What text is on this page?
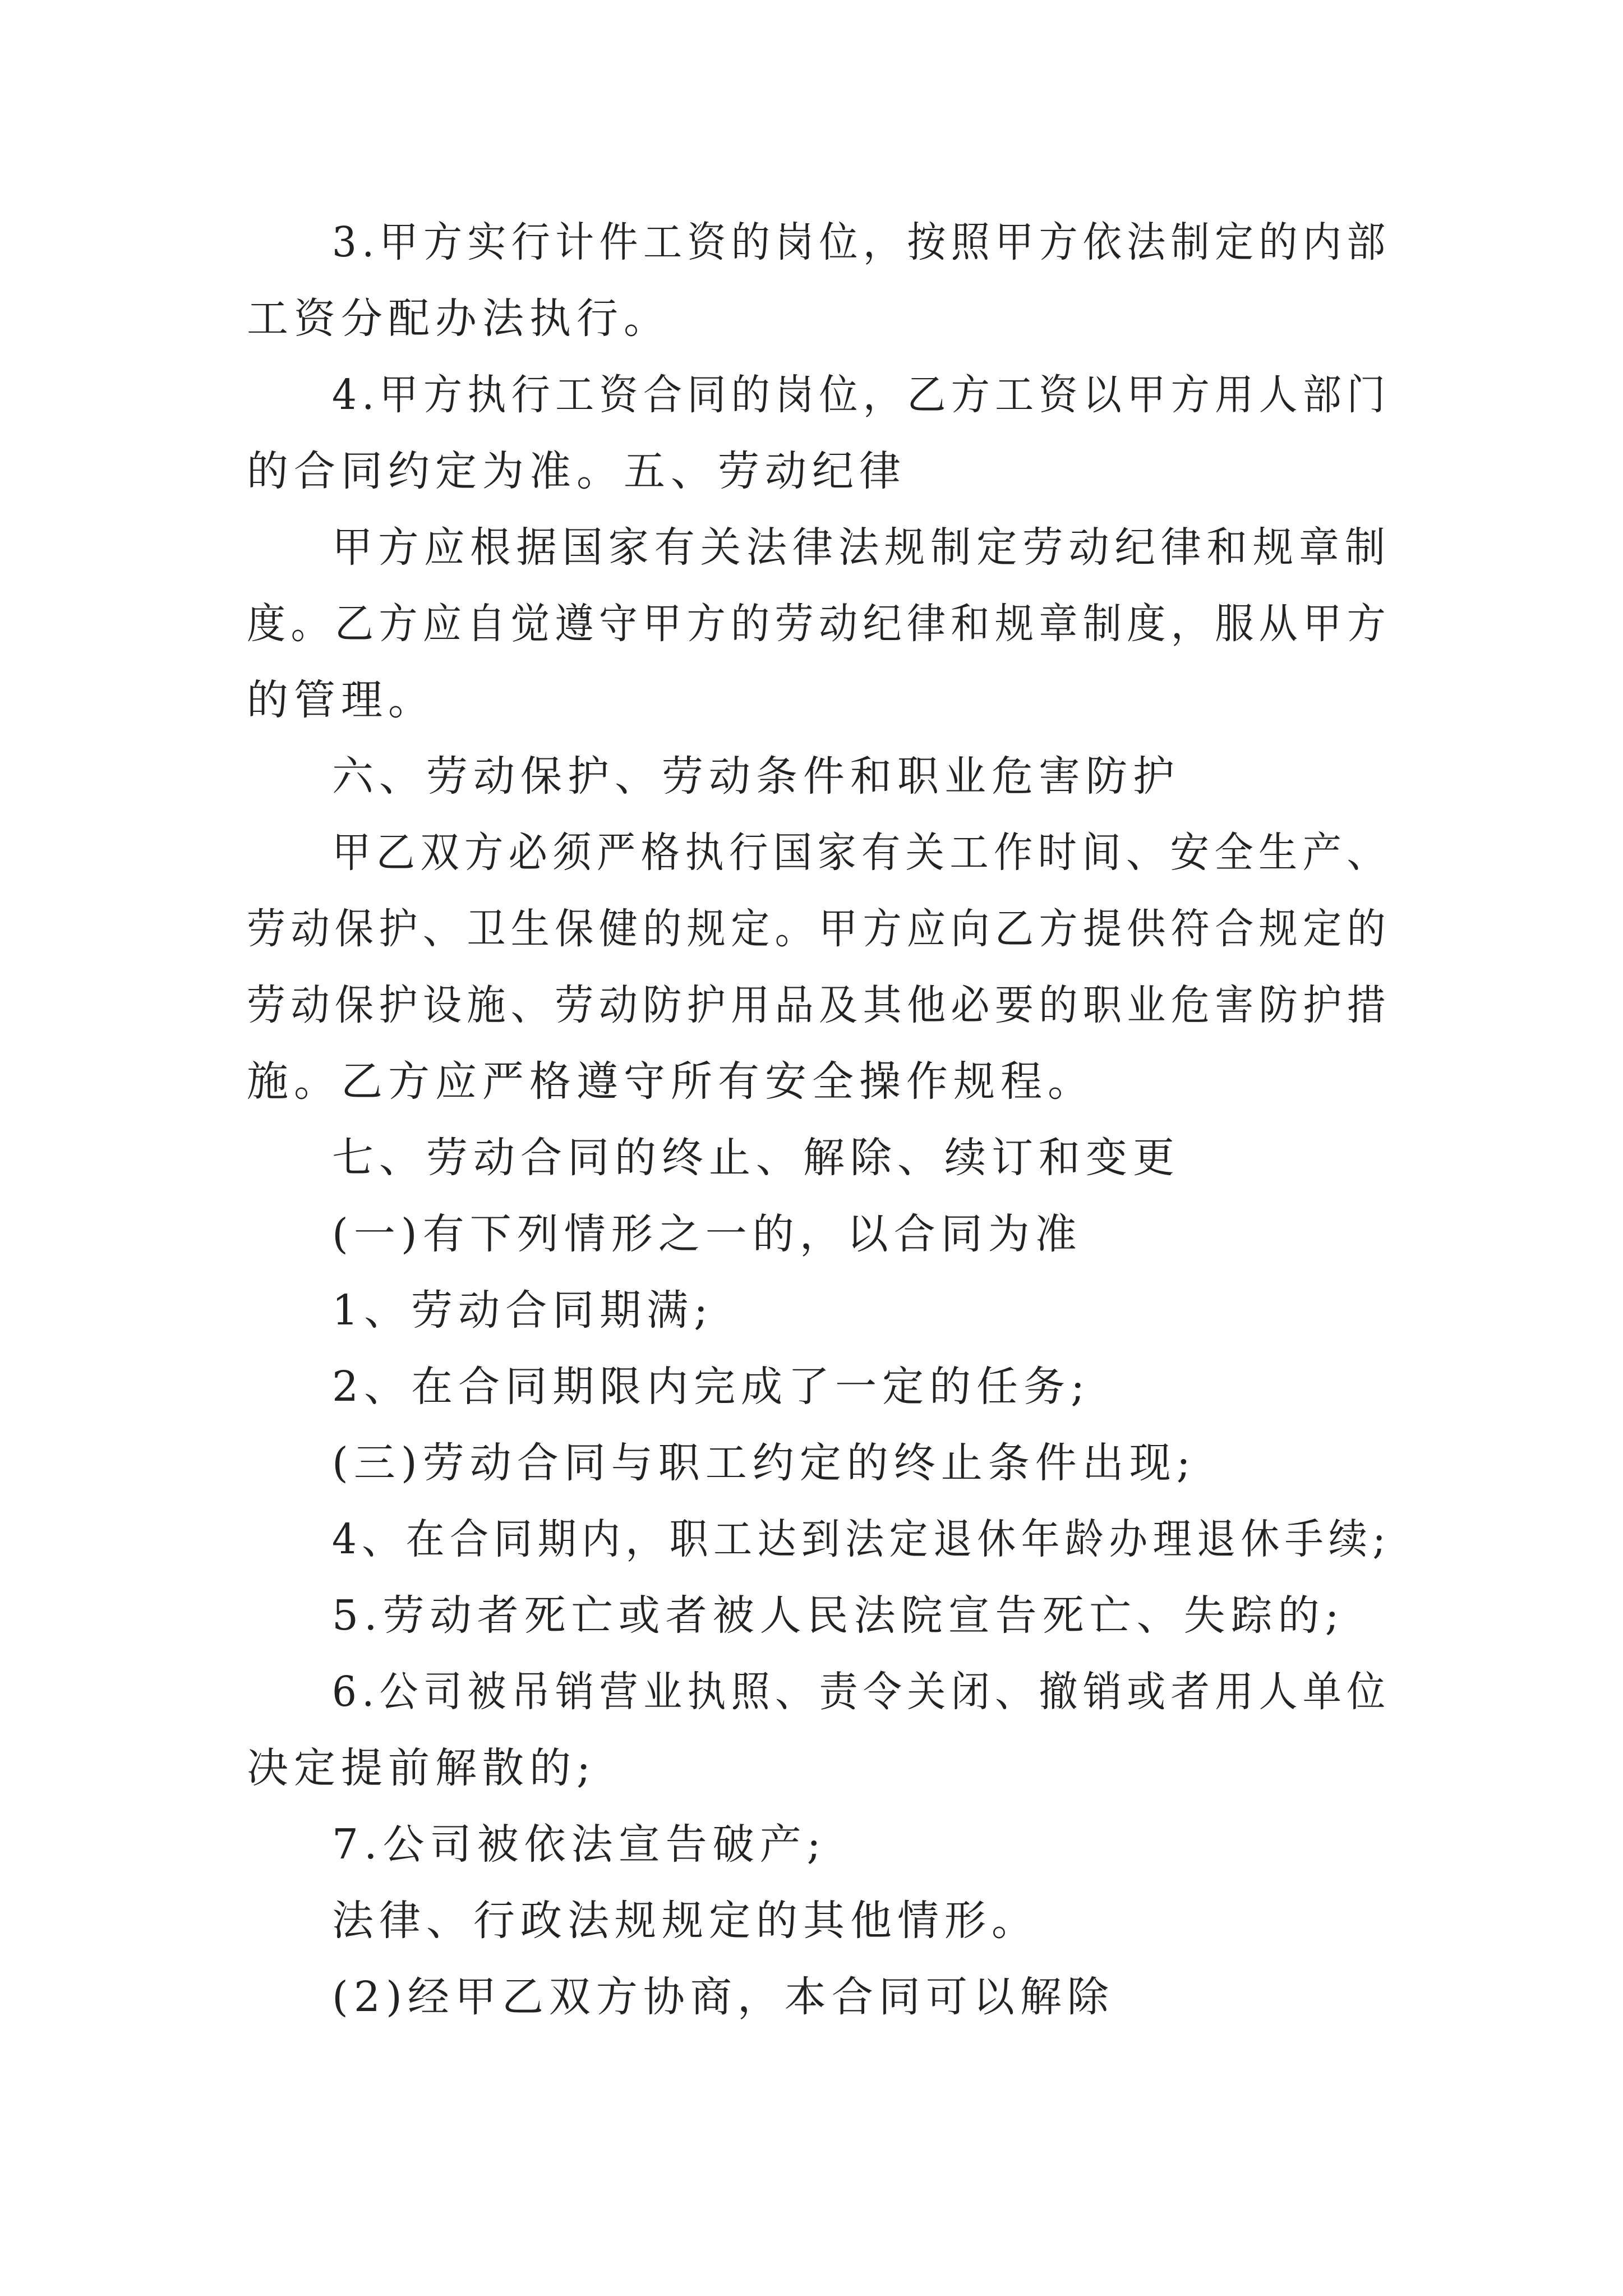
3.甲方实行计件工资的岗位，按照甲方依法制定的内部

工资分配办法执行。

4.甲方执行工资合同的岗位，乙方工资以甲方用人部门

的合同约定为准。五、劳动纪律

甲方应根据国家有关法律法规制定劳动纪律和规章制

度。乙方应自觉遵守甲方的劳动纪律和规章制度，服从甲方

的管理。

六、劳动保护、劳动条件和职业危害防护

甲乙双方必须严格执行国家有关工作时间、安全生产、

劳动保护、卫生保健的规定。甲方应向乙方提供符合规定的

劳动保护设施、劳动防护用品及其他必要的职业危害防护措

施。乙方应严格遵守所有安全操作规程。

七、劳动合同的终止、解除、续订和变更

(一)有下列情形之一的，以合同为准

1、劳动合同期满;

2、在合同期限内完成了一定的任务;

(三)劳动合同与职工约定的终止条件出现;

4、在合同期内，职工达到法定退休年龄办理退休手续;

5.劳动者死亡或者被人民法院宣告死亡、失踪的;

6.公司被吊销营业执照、责令关闭、撤销或者用人单位

决定提前解散的;

7.公司被依法宣告破产;

法律、行政法规规定的其他情形。

(2)经甲乙双方协商，本合同可以解除
